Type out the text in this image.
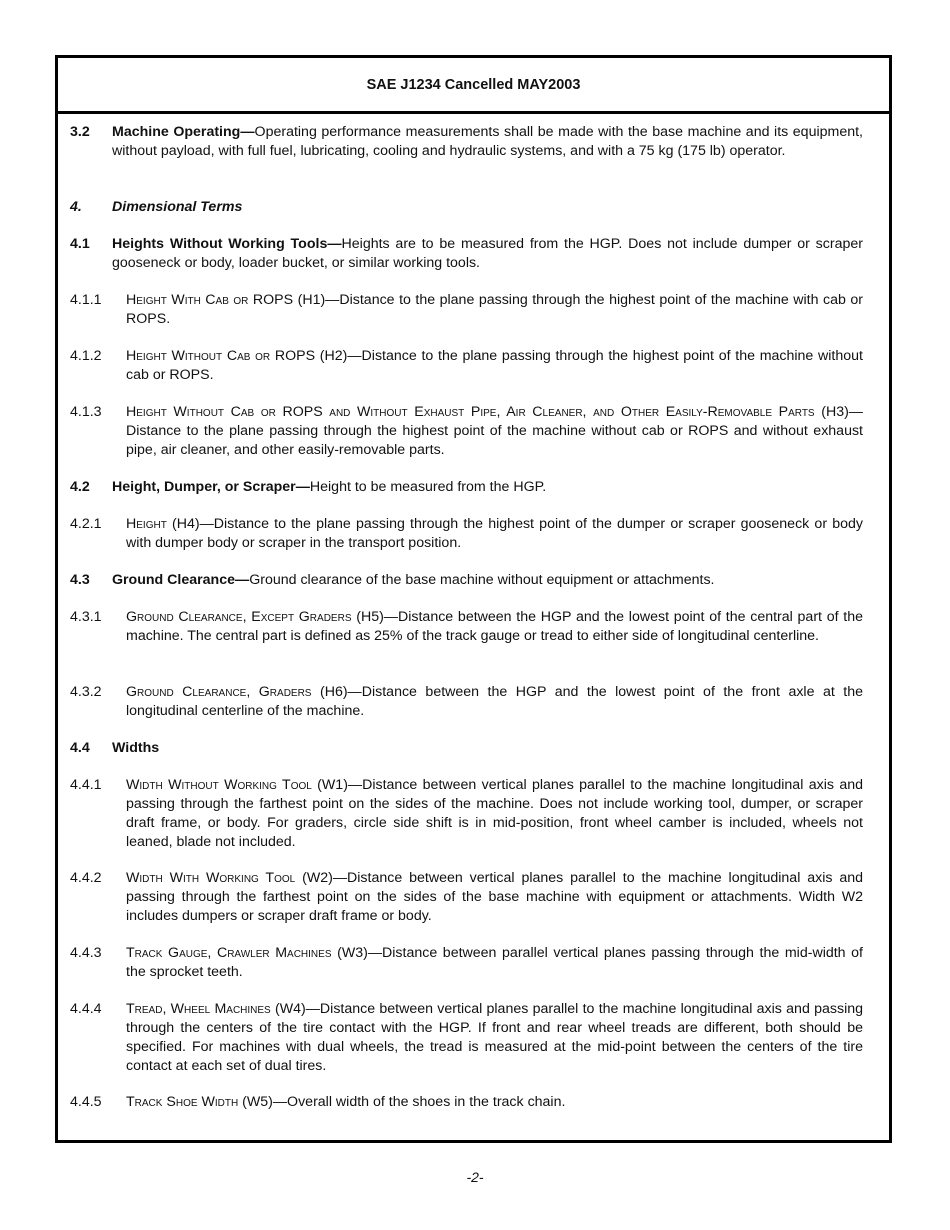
SAE J1234 Cancelled MAY2003
3.2 Machine Operating—Operating performance measurements shall be made with the base machine and its equipment, without payload, with full fuel, lubricating, cooling and hydraulic systems, and with a 75 kg (175 lb) operator.
4. Dimensional Terms
4.1 Heights Without Working Tools—Heights are to be measured from the HGP. Does not include dumper or scraper gooseneck or body, loader bucket, or similar working tools.
4.1.1 Height With Cab or ROPS (H1)—Distance to the plane passing through the highest point of the machine with cab or ROPS.
4.1.2 Height Without Cab or ROPS (H2)—Distance to the plane passing through the highest point of the machine without cab or ROPS.
4.1.3 Height Without Cab or ROPS and Without Exhaust Pipe, Air Cleaner, and Other Easily-Removable Parts (H3)—Distance to the plane passing through the highest point of the machine without cab or ROPS and without exhaust pipe, air cleaner, and other easily-removable parts.
4.2 Height, Dumper, or Scraper—Height to be measured from the HGP.
4.2.1 Height (H4)—Distance to the plane passing through the highest point of the dumper or scraper gooseneck or body with dumper body or scraper in the transport position.
4.3 Ground Clearance—Ground clearance of the base machine without equipment or attachments.
4.3.1 Ground Clearance, Except Graders (H5)—Distance between the HGP and the lowest point of the central part of the machine. The central part is defined as 25% of the track gauge or tread to either side of longitudinal centerline.
4.3.2 Ground Clearance, Graders (H6)—Distance between the HGP and the lowest point of the front axle at the longitudinal centerline of the machine.
4.4 Widths
4.4.1 Width Without Working Tool (W1)—Distance between vertical planes parallel to the machine longitudinal axis and passing through the farthest point on the sides of the machine. Does not include working tool, dumper, or scraper draft frame, or body. For graders, circle side shift is in mid-position, front wheel camber is included, wheels not leaned, blade not included.
4.4.2 Width With Working Tool (W2)—Distance between vertical planes parallel to the machine longitudinal axis and passing through the farthest point on the sides of the base machine with equipment or attachments. Width W2 includes dumpers or scraper draft frame or body.
4.4.3 Track Gauge, Crawler Machines (W3)—Distance between parallel vertical planes passing through the mid-width of the sprocket teeth.
4.4.4 Tread, Wheel Machines (W4)—Distance between vertical planes parallel to the machine longitudinal axis and passing through the centers of the tire contact with the HGP. If front and rear wheel treads are different, both should be specified. For machines with dual wheels, the tread is measured at the mid-point between the centers of the tire contact at each set of dual tires.
4.4.5 Track Shoe Width (W5)—Overall width of the shoes in the track chain.
-2-
